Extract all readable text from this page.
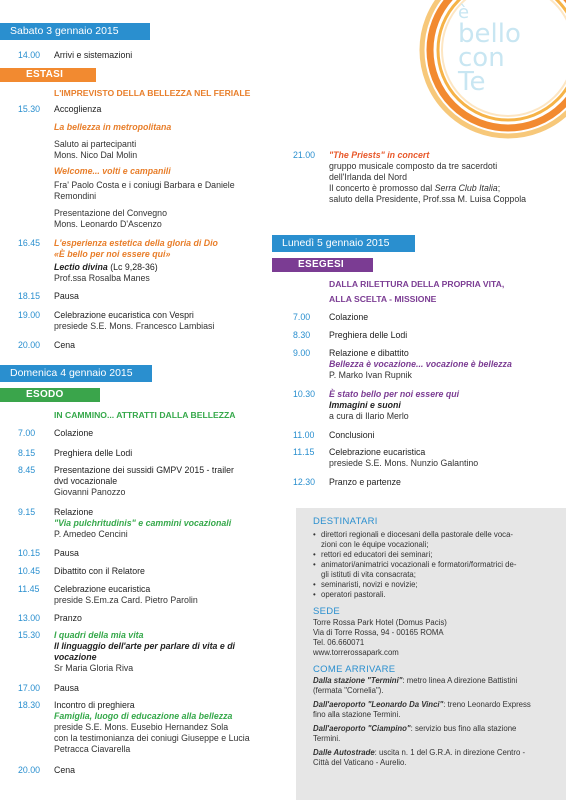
è
bello
con
Te
Sabato 3 gennaio 2015
14.00	Arrivi e sistemazioni
ESTASI
L'IMPREVISTO DELLA BELLEZZA NEL FERIALE
15.30	Accoglienza
La bellezza in metropolitana
Saluto ai partecipanti
Mons. Nico Dal Molin
Welcome... volti e campanili
Fra' Paolo Costa e i coniugi Barbara e Daniele
Remondini
Presentazione del Convegno
Mons. Leonardo D'Ascenzo
16.45	L'esperienza estetica della gloria di Dio
«È bello per noi essere qui»
Lectio divina (Lc 9,28-36)
Prof.ssa Rosalba Manes
18.15	Pausa
19.00	Celebrazione eucaristica con Vespri
presiede S.E. Mons. Francesco Lambiasi
20.00	Cena
Domenica 4 gennaio 2015
ESODO
IN CAMMINO... ATTRATTI DALLA BELLEZZA
7.00	Colazione
8.15	Preghiera delle Lodi
8.45	Presentazione dei sussidi GMPV 2015 - trailer
dvd vocazionale
Giovanni Panozzo
9.15	Relazione
"Via pulchritudinis" e cammini vocazionali
P. Amedeo Cencini
10.15	Pausa
10.45	Dibattito con il Relatore
11.45	Celebrazione eucaristica
preside S.Em.za Card. Pietro Parolin
13.00	Pranzo
15.30	I quadri della mia vita
Il linguaggio dell'arte per parlare di vita e di
vocazione
Sr Maria Gloria Riva
17.00	Pausa
18.30	Incontro di preghiera
Famiglia, luogo di educazione alla bellezza
preside S.E. Mons. Eusebio Hernandez Sola
con la testimonianza dei coniugi Giuseppe e Lucia
Petracca Ciavarella
20.00	Cena
21.00	"The Priests" in concert
gruppo musicale composto da tre sacerdoti
dell'Irlanda del Nord
Il concerto è promosso dal Serra Club Italia;
saluto della Presidente, Prof.ssa M. Luisa Coppola
Lunedì 5 gennaio 2015
ESEGESI
DALLA RILETTURA DELLA PROPRIA VITA,
ALLA SCELTA - MISSIONE
7.00	Colazione
8.30	Preghiera delle Lodi
9.00	Relazione e dibattito
Bellezza è vocazione... vocazione è bellezza
P. Marko Ivan Rupnik
10.30	È stato bello per noi essere qui
Immagini e suoni
a cura di Ilario Merlo
11.00	Conclusioni
11.15	Celebrazione eucaristica
presiede S.E. Mons. Nunzio Galantino
12.30	Pranzo e partenze
DESTINATARI
• direttori regionali e diocesani della pastorale delle voca-
zioni con le équipe vocazionali;
• rettori ed educatori dei seminari;
• animatori/animatrici vocazionali e formatori/formatrici de-
gli istituti di vita consacrata;
• seminaristi, novizi e novizie;
• operatori pastorali.
SEDE

Torre Rossa Park Hotel (Domus Pacis)

Via di Torre Rossa, 94 - 00165 ROMA

Tel. 06.660071

www.torrerossapark.com

COME ARRIVARE

Dalla stazione "Termini": metro linea A direzione Battistini
(fermata "Cornelia").

Dall'aeroporto "Leonardo Da Vinci": treno Leonardo Express
fino alla stazione Termini.

Dall'aeroporto "Ciampino": servizio bus fino alla stazione
Termini.

Dalle Autostrade: uscita n. 1 del G.R.A. in direzione Centro -
Città del Vaticano - Aurelio.
